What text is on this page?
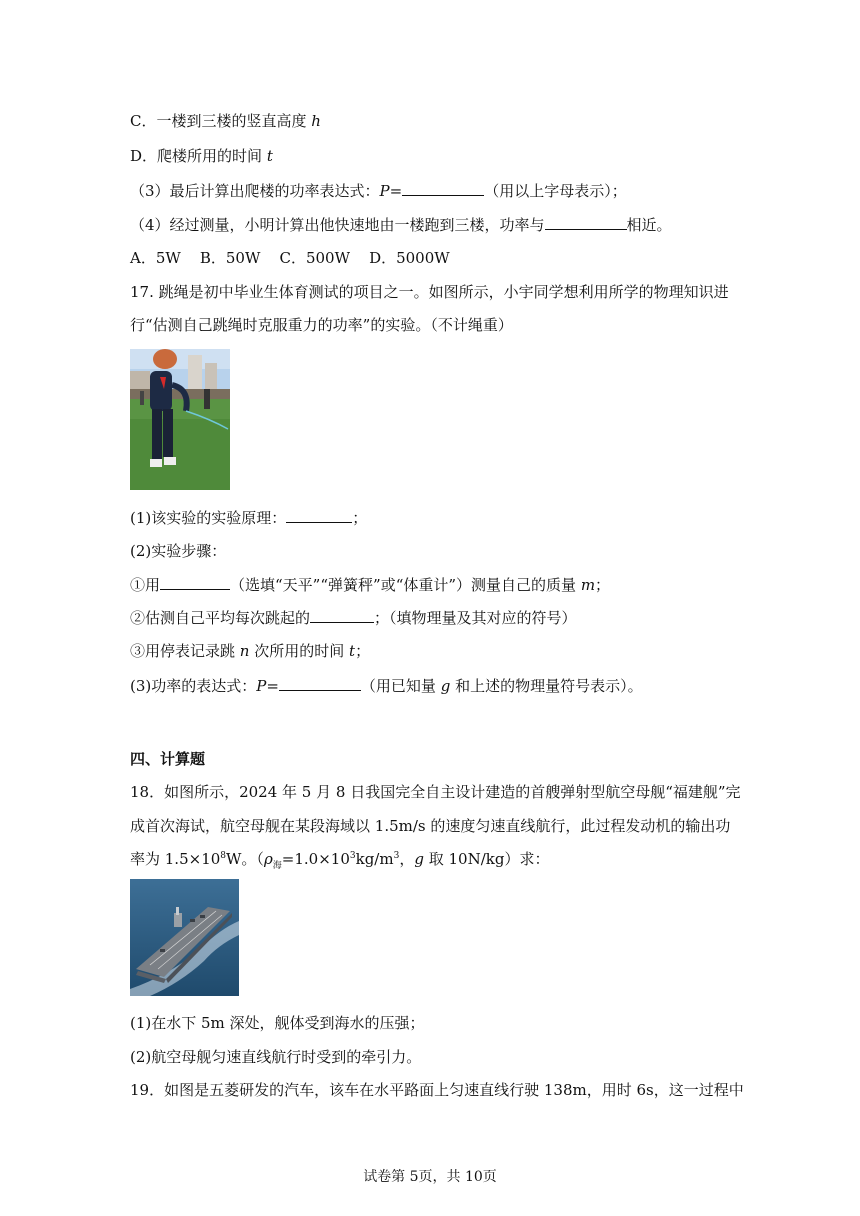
C．一楼到三楼的竖直高度 h
D．爬楼所用的时间 t
（3）最后计算出爬楼的功率表达式：P=	（用以上字母表示）；
（4）经过测量，小明计算出他快速地由一楼跑到三楼，功率与	相近。
A．5W    B．50W    C．500W    D．5000W
17. 跳绳是初中毕业生体育测试的项目之一。如图所示，小宇同学想利用所学的物理知识进
行“估测自己跳绳时克服重力的功率”的实验。（不计绳重）
(1)该实验的实验原理：	；
(2)实验步骤：
①用	（选填“天平”“弹簧秤”或“体重计”）测量自己的质量 m；
②估测自己平均每次跳起的	；（填物理量及其对应的符号）
③用停表记录跳 n 次所用的时间 t；
(3)功率的表达式：P=	（用已知量 g 和上述的物理量符号表示）。
四、计算题
18．如图所示，2024 年 5 月 8 日我国完全自主设计建造的首艘弹射型航空母舰“福建舰”完
成首次海试，航空母舰在某段海域以 1.5m/s 的速度匀速直线航行，此过程发动机的输出功
率为 $1.5\times 10^8W$。（$\rho_海=1.0\times 10^3kg/m^3$，g 取 10N/kg）求：
(1)在水下 5m 深处，舰体受到海水的压强；
(2)航空母舰匀速直线航行时受到的牵引力。
19．如图是五菱研发的汽车，该车在水平路面上匀速直线行驶 138m，用时 6s，这一过程中
试卷第 5页，共 10页
